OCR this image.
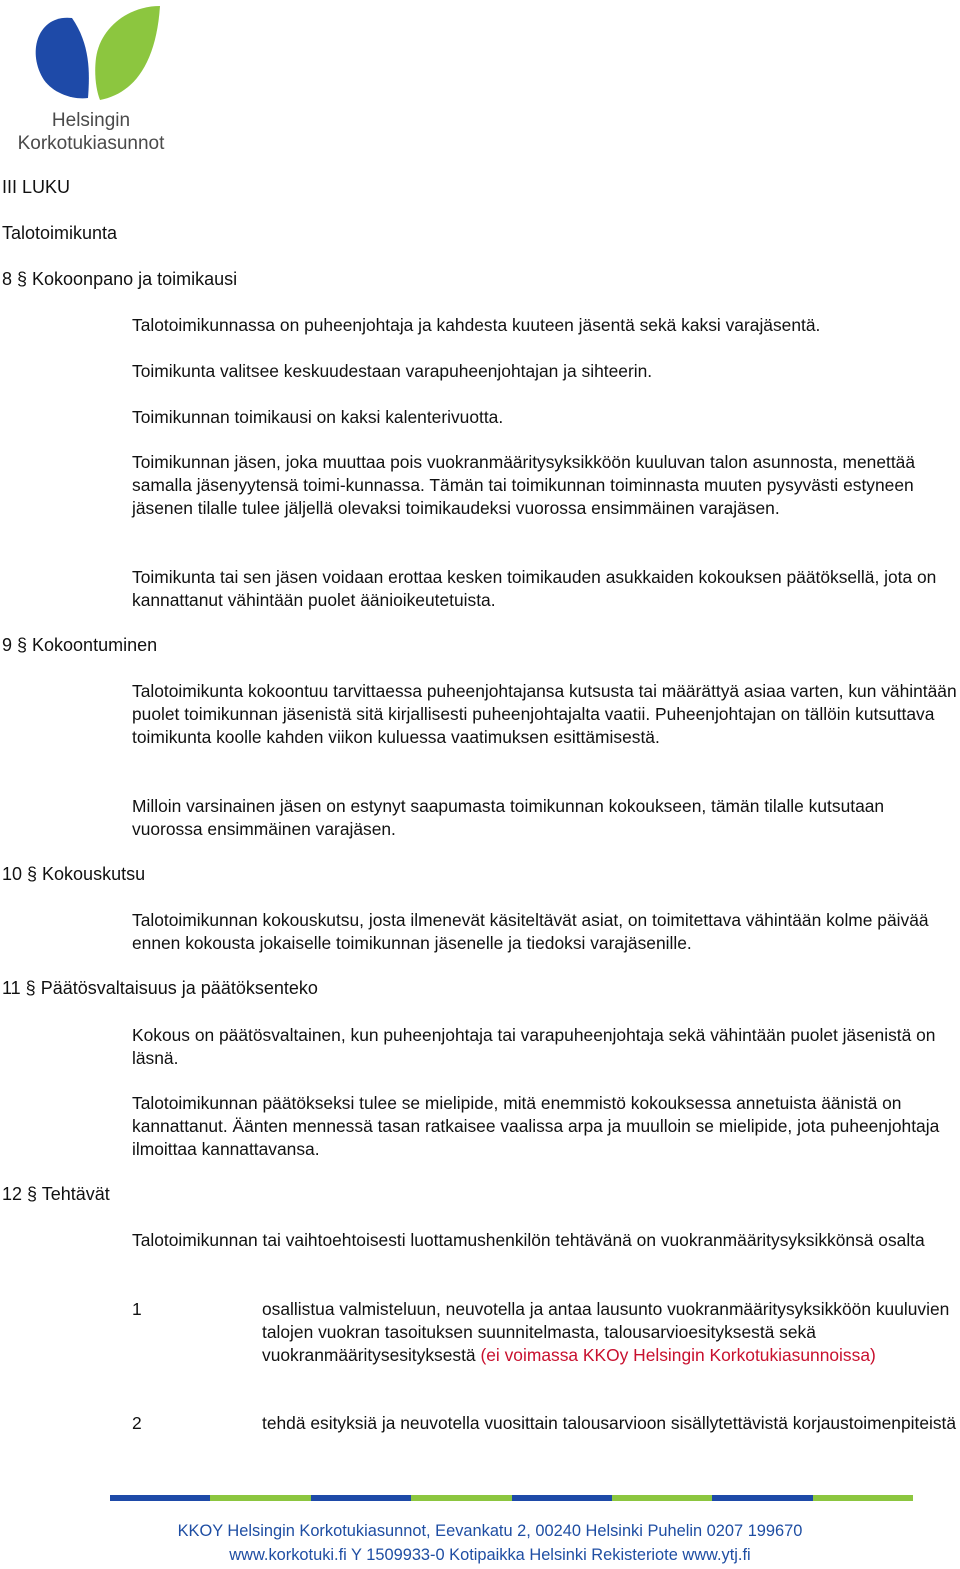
Helsingin
Korkotukiasunnot
III LUKU
Talotoimikunta
8 § Kokoonpano ja toimikausi

Talotoimikunnassa on puheenjohtaja ja kahdesta kuuteen jäsentä sekä kaksi varajäsentä.

Toimikunta valitsee keskuudestaan varapuheenjohtajan ja sihteerin.

Toimikunnan toimikausi on kaksi kalenterivuotta.

Toimikunnan jäsen, joka muuttaa pois vuokranmääritysyksikköön kuuluvan talon asunnosta, menettää samalla jäsenyytensä toimi-kunnassa. Tämän tai toimikunnan toiminnasta muuten pysyvästi estyneen jäsenen tilalle tulee jäljellä olevaksi toimikaudeksi vuorossa ensimmäinen varajäsen.

Toimikunta tai sen jäsen voidaan erottaa kesken toimikauden asukkaiden kokouksen päätöksellä, jota on kannattanut vähintään puolet äänioikeutetuista.

9 § Kokoontuminen

Talotoimikunta kokoontuu tarvittaessa puheenjohtajansa kutsusta tai määrättyä asiaa varten, kun vähintään puolet toimikunnan jäsenistä sitä kirjallisesti puheenjohtajalta vaatii. Puheenjohtajan on tällöin kutsuttava toimikunta koolle kahden viikon kuluessa vaatimuksen esittämisestä.

Milloin varsinainen jäsen on estynyt saapumasta toimikunnan kokoukseen, tämän tilalle kutsutaan vuorossa ensimmäinen varajäsen.

10 § Kokouskutsu

Talotoimikunnan kokouskutsu, josta ilmenevät käsiteltävät asiat, on toimitettava vähintään kolme päivää ennen kokousta jokaiselle toimikunnan jäsenelle ja tiedoksi varajäsenille.

11 § Päätösvaltaisuus ja päätöksenteko

Kokous on päätösvaltainen, kun puheenjohtaja tai varapuheenjohtaja sekä vähintään puolet jäsenistä on läsnä.

Talotoimikunnan päätökseksi tulee se mielipide, mitä enemmistö kokouksessa annetuista äänistä on kannattanut. Äänten mennessä tasan ratkaisee vaalissa arpa ja muulloin se mielipide, jota puheenjohtaja ilmoittaa kannattavansa.

12 § Tehtävät

Talotoimikunnan tai vaihtoehtoisesti luottamushenkilön tehtävänä on vuokranmääritysyksikkönsä osalta

1	osallistua valmisteluun, neuvotella ja antaa lausunto vuokranmääritysyksikköön kuuluvien talojen vuokran tasoituksen suunnitelmasta, talousarvioesityksestä sekä vuokranmääritysesityksestä (ei voimassa KKOy Helsingin Korkotukiasunnoissa)

2	tehdä esityksiä ja neuvotella vuosittain talousarvioon sisällytettävistä korjaustoimenpiteistä

KKOY Helsingin Korkotukiasunnot, Eevankatu 2, 00240 Helsinki Puhelin 0207 199670
www.korkotuki.fi Y 1509933-0 Kotipaikka Helsinki Rekisteriote www.ytj.fi
